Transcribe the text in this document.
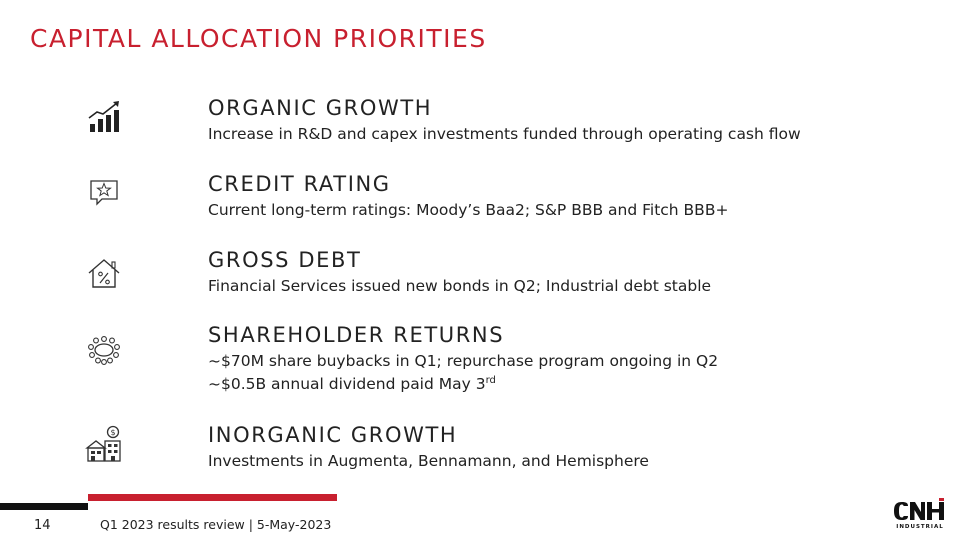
CAPITAL ALLOCATION PRIORITIES
ORGANIC GROWTH
Increase in R&D and capex investments funded through operating cash flow
CREDIT RATING
Current long-term ratings: Moody’s Baa2; S&P BBB and Fitch BBB+
GROSS DEBT
Financial Services issued new bonds in Q2; Industrial debt stable
SHAREHOLDER RETURNS
~$70M share buybacks in Q1; repurchase program ongoing in Q2
~$0.5B annual dividend paid May 3rd
$	INORGANIC GROWTH
Investments in Augmenta, Bennamann, and Hemisphere
14	Q1 2023 results review | 5-May-2023	INDUSTRIAL
